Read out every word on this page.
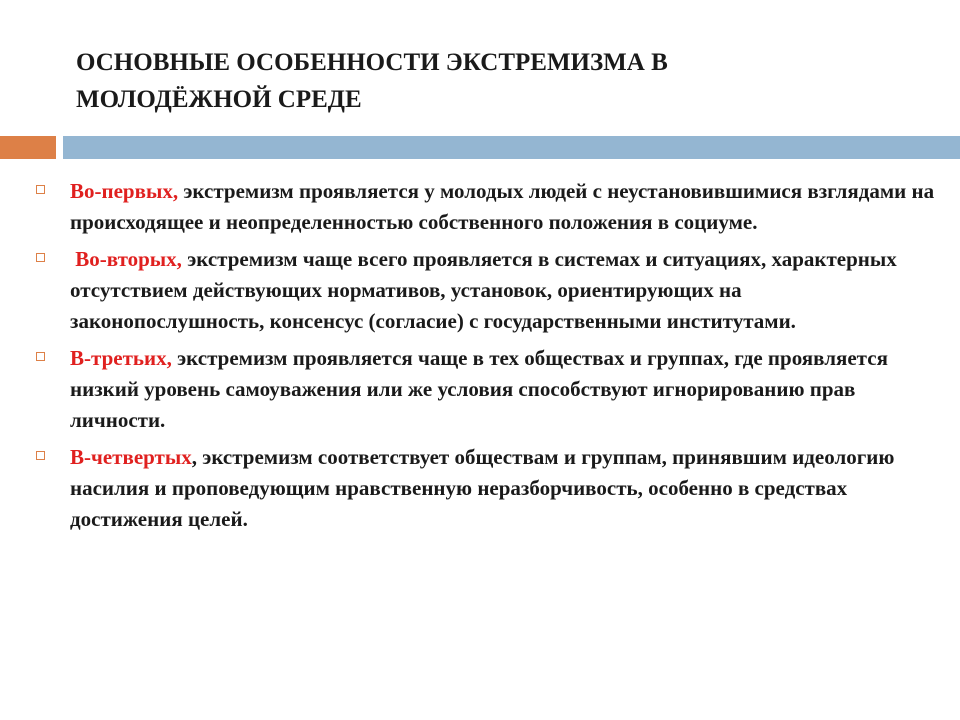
ОСНОВНЫЕ ОСОБЕННОСТИ ЭКСТРЕМИЗМА В
МОЛОДЁЖНОЙ СРЕДЕ
Во-первых, экстремизм проявляется у молодых людей с неустановившимися взглядами на происходящее и неопределенностью собственного положения в социуме.
Во-вторых, экстремизм чаще всего проявляется в системах и ситуациях, характерных отсутствием действующих нормативов, установок, ориентирующих на законопослушность, консенсус (согласие) с государственными институтами.
В-третьих, экстремизм проявляется чаще в тех обществах и группах, где проявляется низкий уровень самоуважения или же условия способствуют игнорированию прав личности.
В-четвертых, экстремизм соответствует обществам и группам, принявшим идеологию насилия и проповедующим нравственную неразборчивость, особенно в средствах достижения целей.
